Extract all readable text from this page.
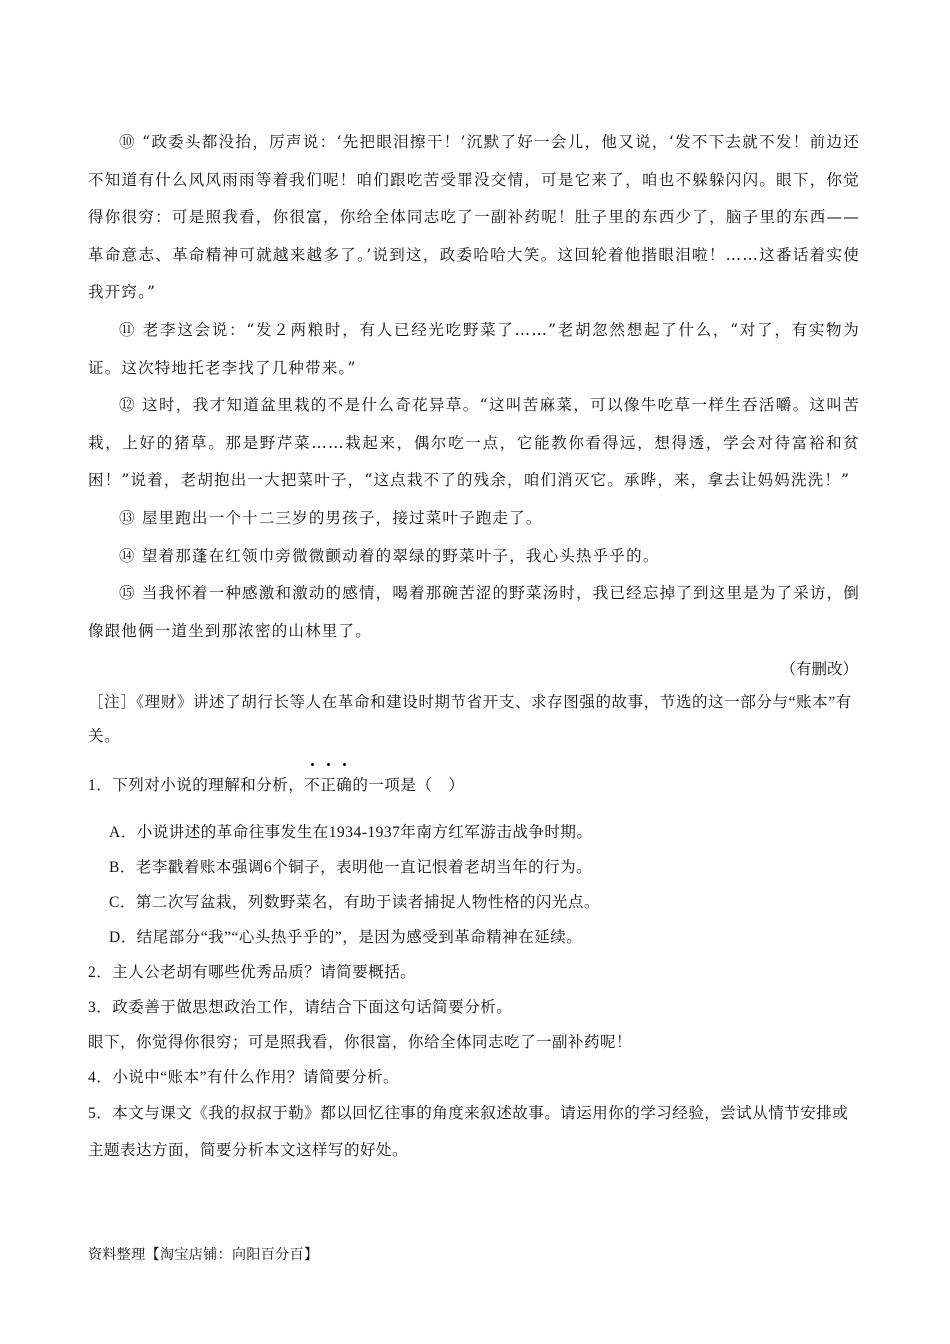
⑩ “政委头都没抬，厉声说：‘先把眼泪擦干！’沉默了好一会儿，他又说，‘发不下去就不发！前边还不知道有什么风风雨雨等着我们呢！咱们跟吃苦受罪没交情，可是它来了，咱也不躲躲闪闪。眼下，你觉得你很穷：可是照我看，你很富，你给全体同志吃了一副补药呢！肚子里的东西少了，脑子里的东西——革命意志、革命精神可就越来越多了。’说到这，政委哈哈大笑。这回轮着他揩眼泪啦！……这番话着实使我开窍。”

⑪ 老李这会说：“发２两粮时，有人已经光吃野菜了……”老胡忽然想起了什么，“对了，有实物为证。这次特地托老李找了几种带来。”

⑫ 这时，我才知道盆里栽的不是什么奇花异草。“这叫苦麻菜，可以像牛吃草一样生吞活嚼。这叫苦栽，上好的猪草。那是野芹菜……栽起来，偶尔吃一点，它能教你看得远，想得透，学会对待富裕和贫困！”说着，老胡抱出一大把菜叶子，“这点栽不了的残余，咱们消灭它。承晔，来，拿去让妈妈洗洗！”

⑬ 屋里跑出一个十二三岁的男孩子，接过菜叶子跑走了。

⑭ 望着那蓬在红领巾旁微微颤动着的翠绿的野菜叶子，我心头热乎乎的。

⑮ 当我怀着一种感激和激动的感情，喝着那碗苦涩的野菜汤时，我已经忘掉了到这里是为了采访，倒像跟他俩一道坐到那浓密的山林里了。

（有删改）

［注］《理财》讲述了胡行长等人在革命和建设时期节省开支、求存图强的故事，节选的这一部分与“账本”有关。

1．下列对小说的理解和分析，不正确的一项是（　）

A．小说讲述的革命往事发生在1934-1937年南方红军游击战争时期。

B．老李戳着账本强调6个铜子，表明他一直记恨着老胡当年的行为。

C．第二次写盆栽，列数野菜名，有助于读者捕捉人物性格的闪光点。

D．结尾部分“我”“心头热乎乎的”，是因为感受到革命精神在延续。

2．主人公老胡有哪些优秀品质？请简要概括。

3．政委善于做思想政治工作，请结合下面这句话简要分析。

眼下，你觉得你很穷；可是照我看，你很富，你给全体同志吃了一副补药呢！

4．小说中“账本”有什么作用？请简要分析。

5．本文与课文《我的叔叔于勒》都以回忆往事的角度来叙述故事。请运用你的学习经验，尝试从情节安排或主题表达方面，简要分析本文这样写的好处。

资料整理【淘宝店铺：向阳百分百】
